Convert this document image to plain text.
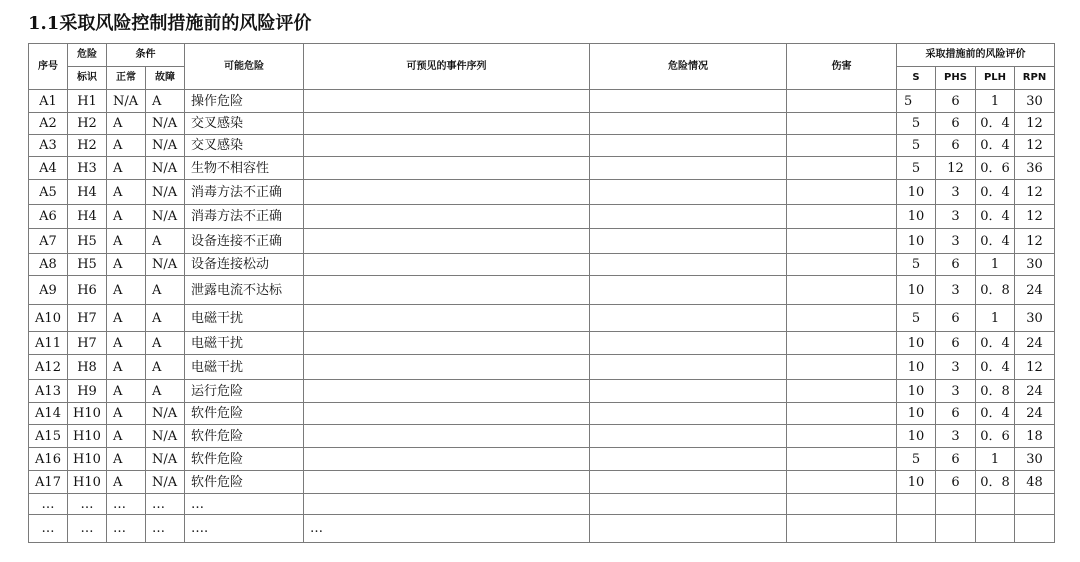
1.1采取风险控制措施前的风险评价
序号	危险	条件		可能危险	可预见的事件序列	危险情况	伤害	采取措施前的风险评价			
	标识	正常	故障					S	PHS	PLH	RPN
A1	H1	N/A	A	操作危险				5	6	1	30
A2	H2	A	N/A	交叉感染				5	6	0．4	12
A3	H2	A	N/A	交叉感染				5	6	0．4	12
A4	H3	A	N/A	生物不相容性				5	12	0．6	36
A5	H4	A	N/A	消毒方法不正确				10	3	0．4	12
A6	H4	A	N/A	消毒方法不正确				10	3	0．4	12
A7	H5	A	A	设备连接不正确				10	3	0．4	12
A8	H5	A	N/A	设备连接松动				5	6	1	30
A9	H6	A	A	泄露电流不达标				10	3	0．8	24
A10	H7	A	A	电磁干扰				5	6	1	30
A11	H7	A	A	电磁干扰				10	6	0．4	24
A12	H8	A	A	电磁干扰				10	3	0．4	12
A13	H9	A	A	运行危险				10	3	0．8	24
A14	H10	A	N/A	软件危险				10	6	0．4	24
A15	H10	A	N/A	软件危险				10	3	0．6	18
A16	H10	A	N/A	软件危险				5	6	1	30
A17	H10	A	N/A	软件危险				10	6	0．8	48
…	…	…	…	…							
…	…	…	…	….	…						
